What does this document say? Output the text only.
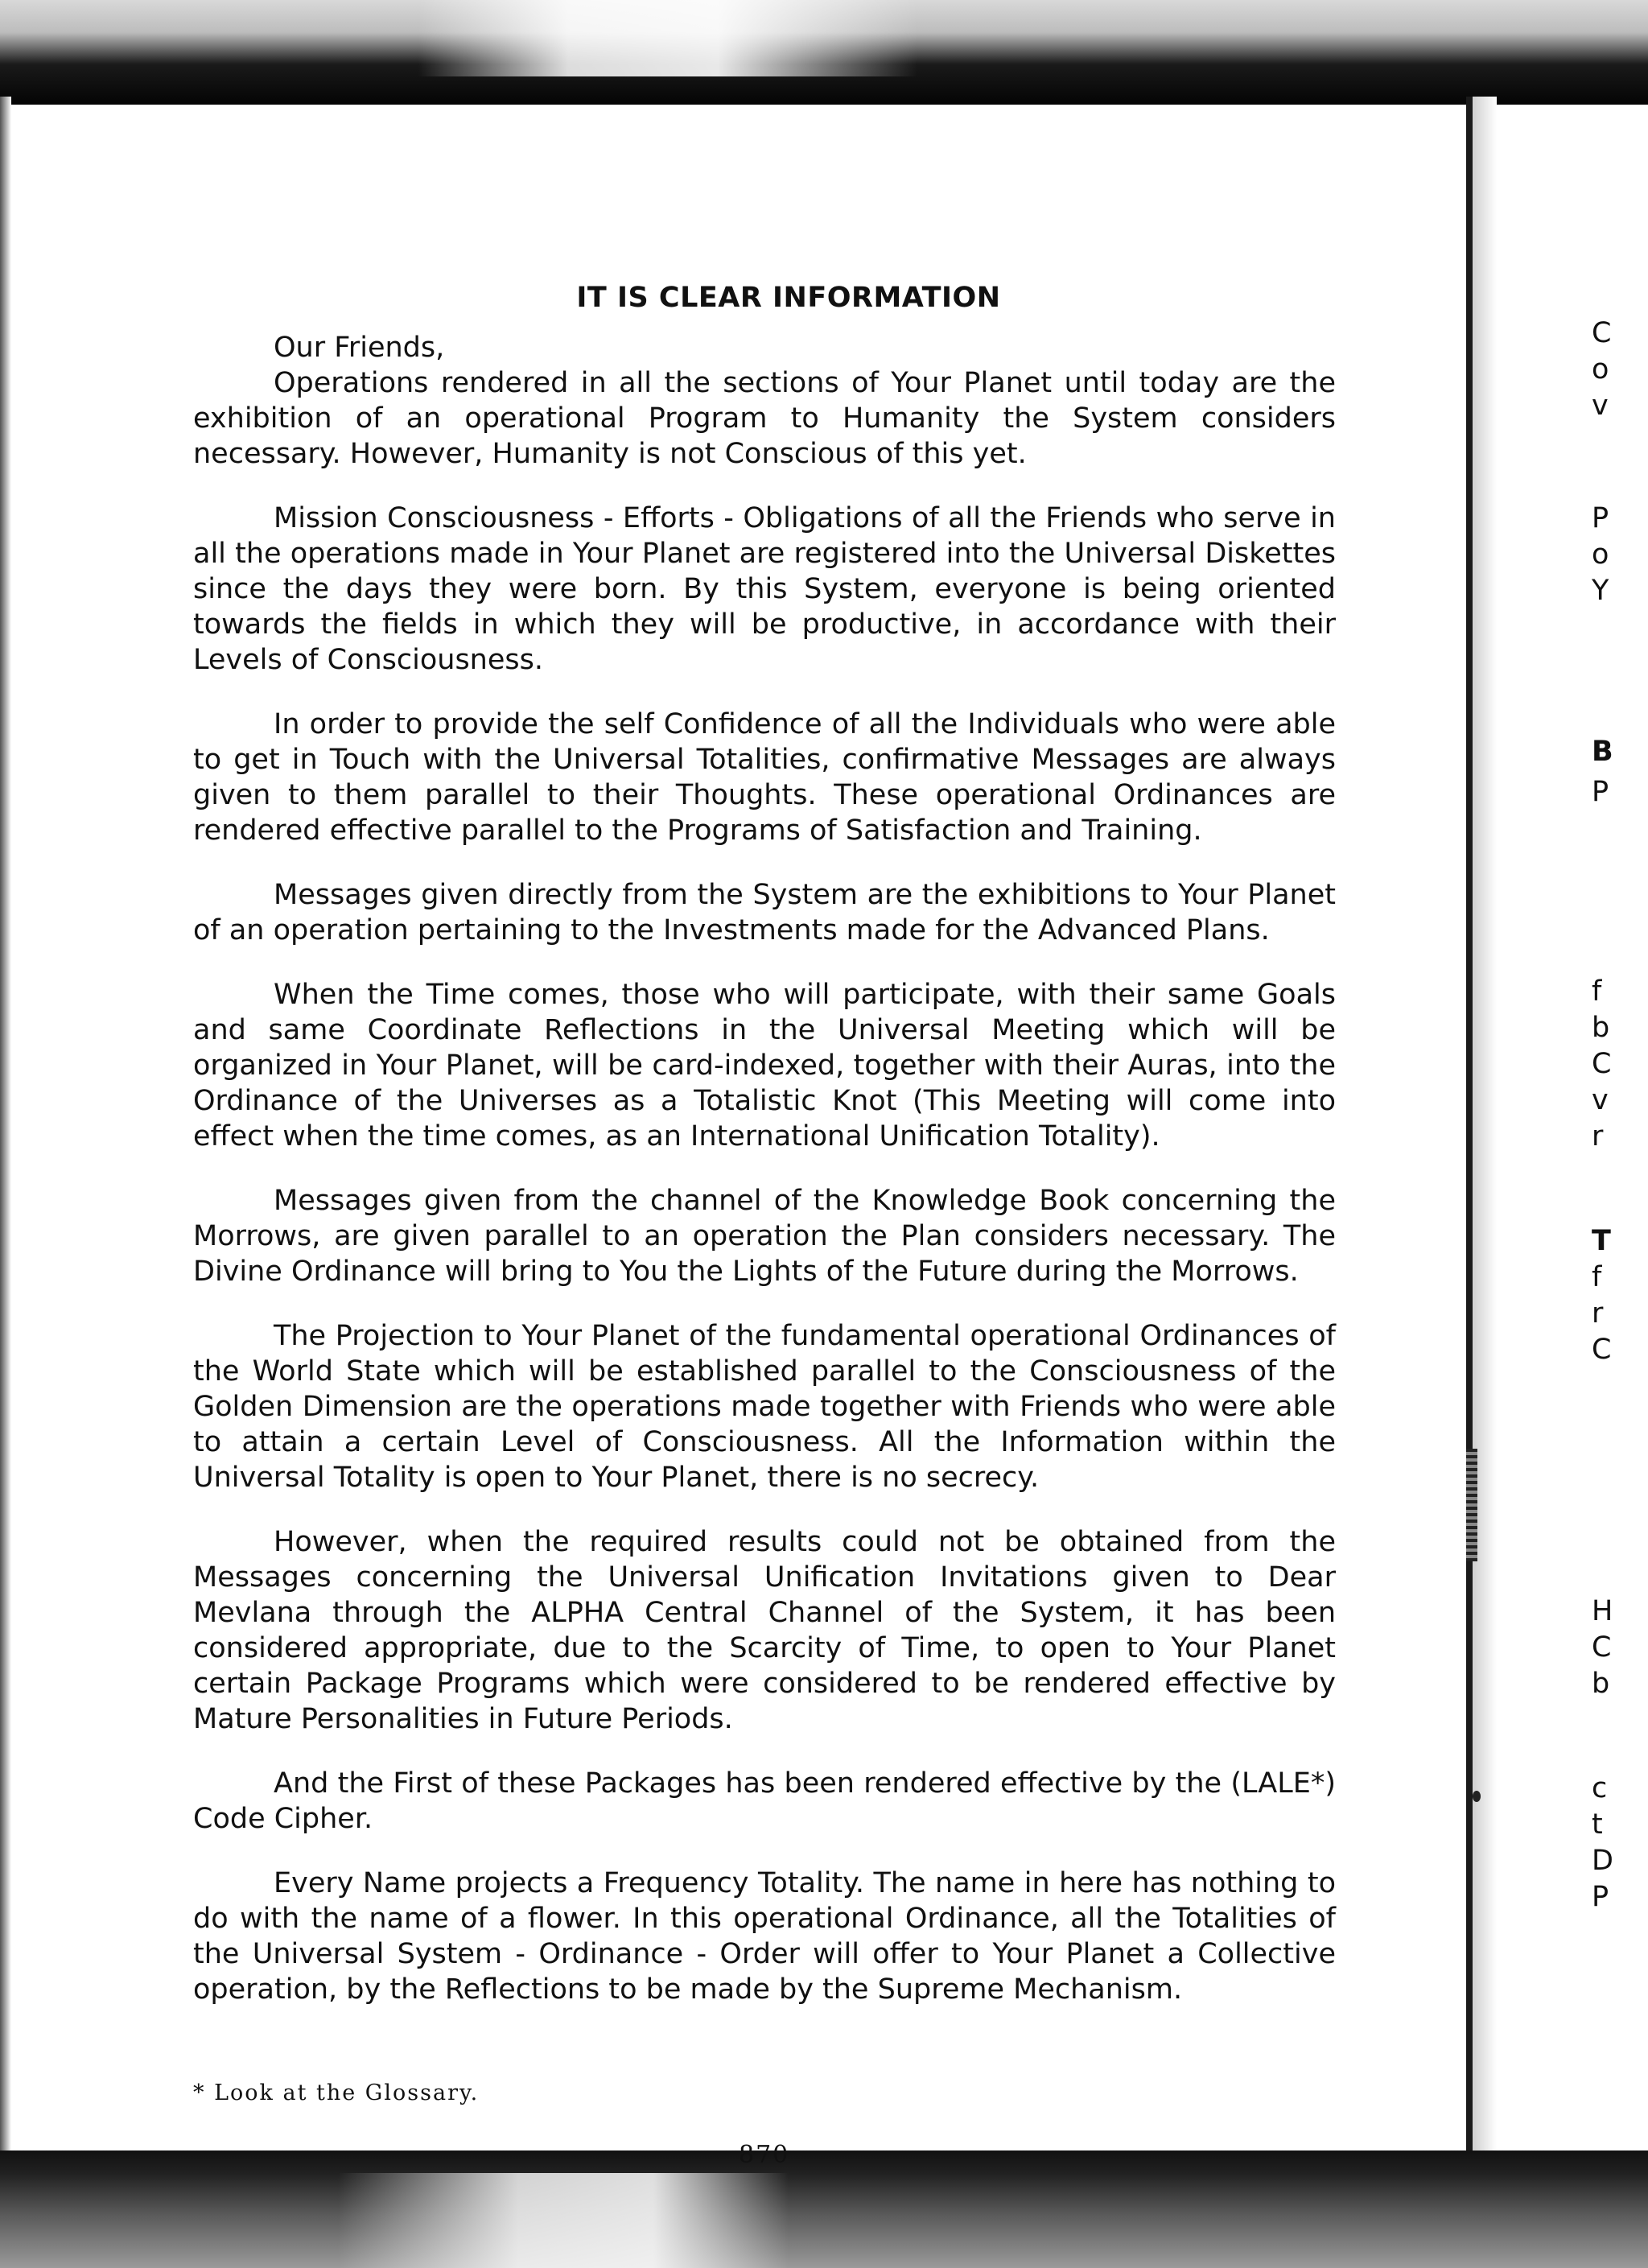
IT IS CLEAR INFORMATION

Our Friends,

Operations rendered in all the sections of Your Planet until today are the exhibition of an operational Program to Humanity the System considers necessary. However, Humanity is not Conscious of this yet.

Mission Consciousness - Efforts - Obligations of all the Friends who serve in all the operations made in Your Planet are registered into the Universal Diskettes since the days they were born. By this System, everyone is being oriented towards the fields in which they will be productive, in accordance with their Levels of Consciousness.

In order to provide the self Confidence of all the Individuals who were able to get in Touch with the Universal Totalities, confirmative Messages are always given to them parallel to their Thoughts. These operational Ordinances are rendered effective parallel to the Programs of Satisfaction and Training.

Messages given directly from the System are the exhibitions to Your Planet of an operation pertaining to the Investments made for the Advanced Plans.

When the Time comes, those who will participate, with their same Goals and same Coordinate Reflections in the Universal Meeting which will be organized in Your Planet, will be card-indexed, together with their Auras, into the Ordinance of the Universes as a Totalistic Knot (This Meeting will come into effect when the time comes, as an International Unification Totality).

Messages given from the channel of the Knowledge Book concerning the Morrows, are given parallel to an operation the Plan considers necessary. The Divine Ordinance will bring to You the Lights of the Future during the Morrows.

The Projection to Your Planet of the fundamental operational Ordinances of the World State which will be established parallel to the Consciousness of the Golden Dimension are the operations made together with Friends who were able to attain a certain Level of Consciousness. All the Information within the Universal Totality is open to Your Planet, there is no secrecy.

However, when the required results could not be obtained from the Messages concerning the Universal Unification Invitations given to Dear Mevlana through the ALPHA Central Channel of the System, it has been considered appropriate, due to the Scarcity of Time, to open to Your Planet certain Package Programs which were considered to be rendered effective by Mature Personalities in Future Periods.

And the First of these Packages has been rendered effective by the (LALE*) Code Cipher.

Every Name projects a Frequency Totality. The name in here has nothing to do with the name of a flower. In this operational Ordinance, all the Totalities of the Universal System - Ordinance - Order will offer to Your Planet a Collective operation, by the Reflections to be made by the Supreme Mechanism.

* Look at the Glossary.
870
C
o
v
P
o
Y
B
P
f
b
C
v
r
T
f
r
C
H
C
b
c
t
D
P
